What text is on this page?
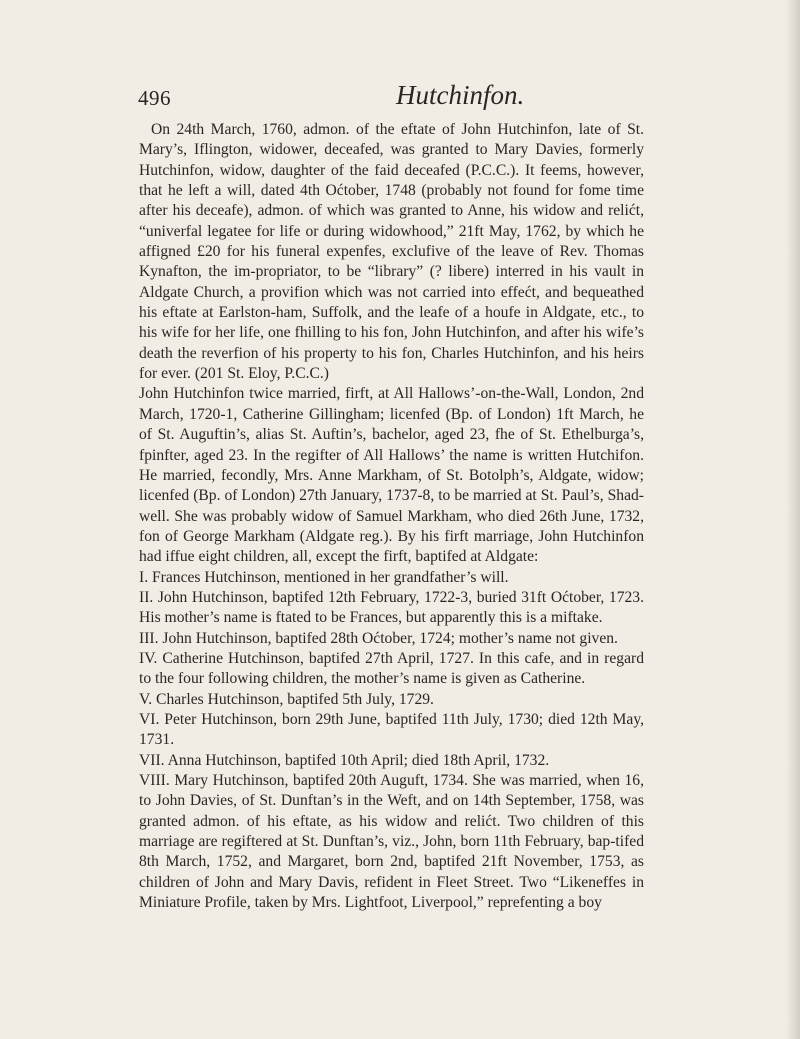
496	Hutchinfon.

On 24th March, 1760, admon. of the eftate of John Hutchinfon, late of St. Mary’s, Iflington, widower, deceafed, was granted to Mary Davies, formerly Hutchinfon, widow, daughter of the faid deceafed (P.C.C.). It feems, however, that he left a will, dated 4th Oćtober, 1748 (probably not found for fome time after his deceafe), admon. of which was granted to Anne, his widow and relićt, “univerfal legatee for life or during widowhood,” 21ft May, 1762, by which he affigned £20 for his funeral expenfes, exclufive of the leave of Rev. Thomas Kynafton, the im-propriator, to be “library” (? libere) interred in his vault in Aldgate Church, a provifion which was not carried into effećt, and bequeathed his eftate at Earlston-ham, Suffolk, and the leafe of a houfe in Aldgate, etc., to his wife for her life, one fhilling to his fon, John Hutchinfon, and after his wife’s death the reverfion of his property to his fon, Charles Hutchinfon, and his heirs for ever. (201 St. Eloy, P.C.C.)

John Hutchinfon twice married, firft, at All Hallows’-on-the-Wall, London, 2nd March, 1720-1, Catherine Gillingham; licenfed (Bp. of London) 1ft March, he of St. Auguftin’s, alias St. Auftin’s, bachelor, aged 23, fhe of St. Ethelburga’s, fpinfter, aged 23. In the regifter of All Hallows’ the name is written Hutchifon. He married, fecondly, Mrs. Anne Markham, of St. Botolph’s, Aldgate, widow; licenfed (Bp. of London) 27th January, 1737-8, to be married at St. Paul’s, Shad-well. She was probably widow of Samuel Markham, who died 26th June, 1732, fon of George Markham (Aldgate reg.). By his firft marriage, John Hutchinfon had iffue eight children, all, except the firft, baptifed at Aldgate:

I. Frances Hutchinson, mentioned in her grandfather’s will.

II. John Hutchinson, baptifed 12th February, 1722-3, buried 31ft Oćtober, 1723. His mother’s name is ftated to be Frances, but apparently this is a miftake.

III. John Hutchinson, baptifed 28th Oćtober, 1724; mother’s name not given.

IV. Catherine Hutchinson, baptifed 27th April, 1727. In this cafe, and in regard to the four following children, the mother’s name is given as Catherine.

V. Charles Hutchinson, baptifed 5th July, 1729.

VI. Peter Hutchinson, born 29th June, baptifed 11th July, 1730; died 12th May, 1731.

VII. Anna Hutchinson, baptifed 10th April; died 18th April, 1732.

VIII. Mary Hutchinson, baptifed 20th Auguft, 1734. She was married, when 16, to John Davies, of St. Dunftan’s in the Weft, and on 14th September, 1758, was granted admon. of his eftate, as his widow and relićt. Two children of this marriage are regiftered at St. Dunftan’s, viz., John, born 11th February, bap-tifed 8th March, 1752, and Margaret, born 2nd, baptifed 21ft November, 1753, as children of John and Mary Davis, refident in Fleet Street. Two “Likeneffes in Miniature Profile, taken by Mrs. Lightfoot, Liverpool,” reprefenting a boy
